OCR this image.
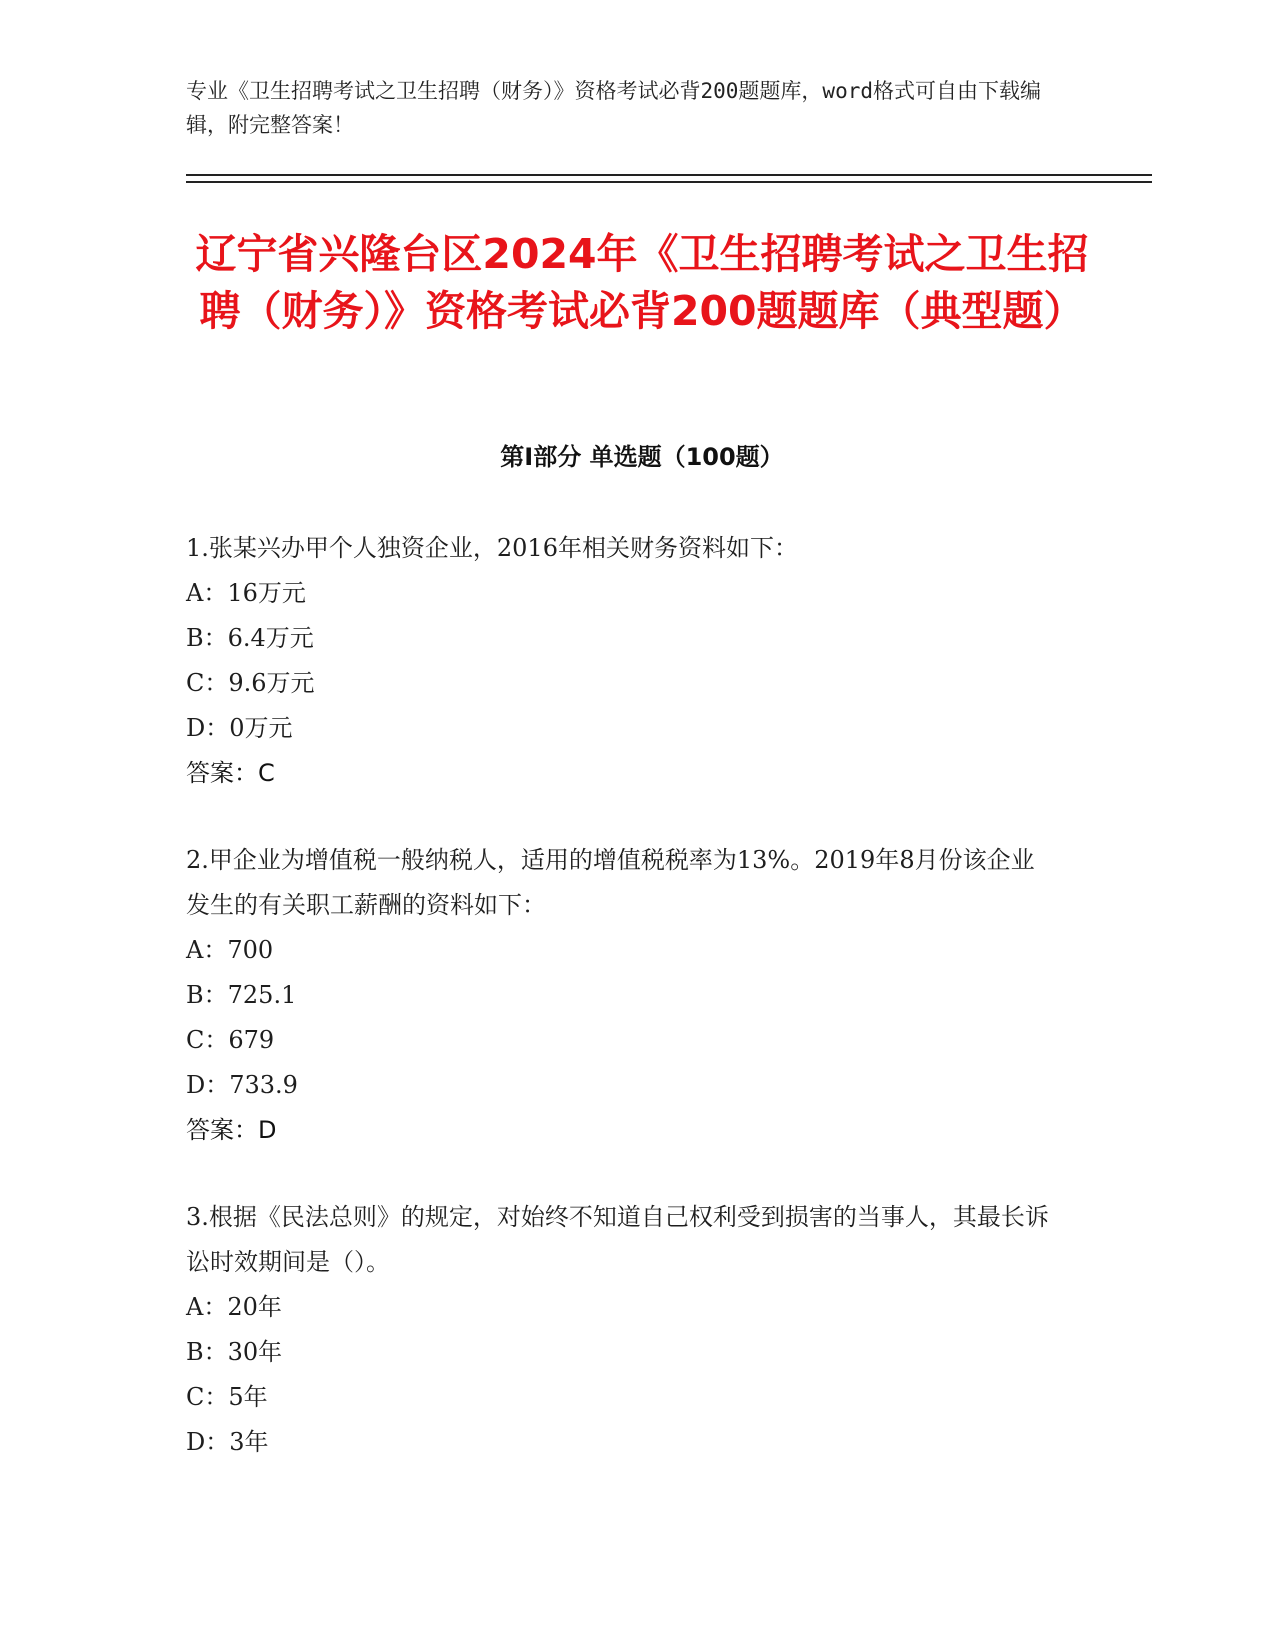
专业《卫生招聘考试之卫生招聘（财务）》资格考试必背200题题库，word格式可自由下载编辑，附完整答案！
辽宁省兴隆台区2024年《卫生招聘考试之卫生招聘（财务）》资格考试必背200题题库（典型题）
第I部分 单选题（100题）
1.张某兴办甲个人独资企业，2016年相关财务资料如下：
A：16万元
B：6.4万元
C：9.6万元
D：0万元
答案：C
2.甲企业为增值税一般纳税人，适用的增值税税率为13%。2019年8月份该企业发生的有关职工薪酬的资料如下：
A：700
B：725.1
C：679
D：733.9
答案：D
3.根据《民法总则》的规定，对始终不知道自己权利受到损害的当事人，其最长诉讼时效期间是（）。
A：20年
B：30年
C：5年
D：3年
